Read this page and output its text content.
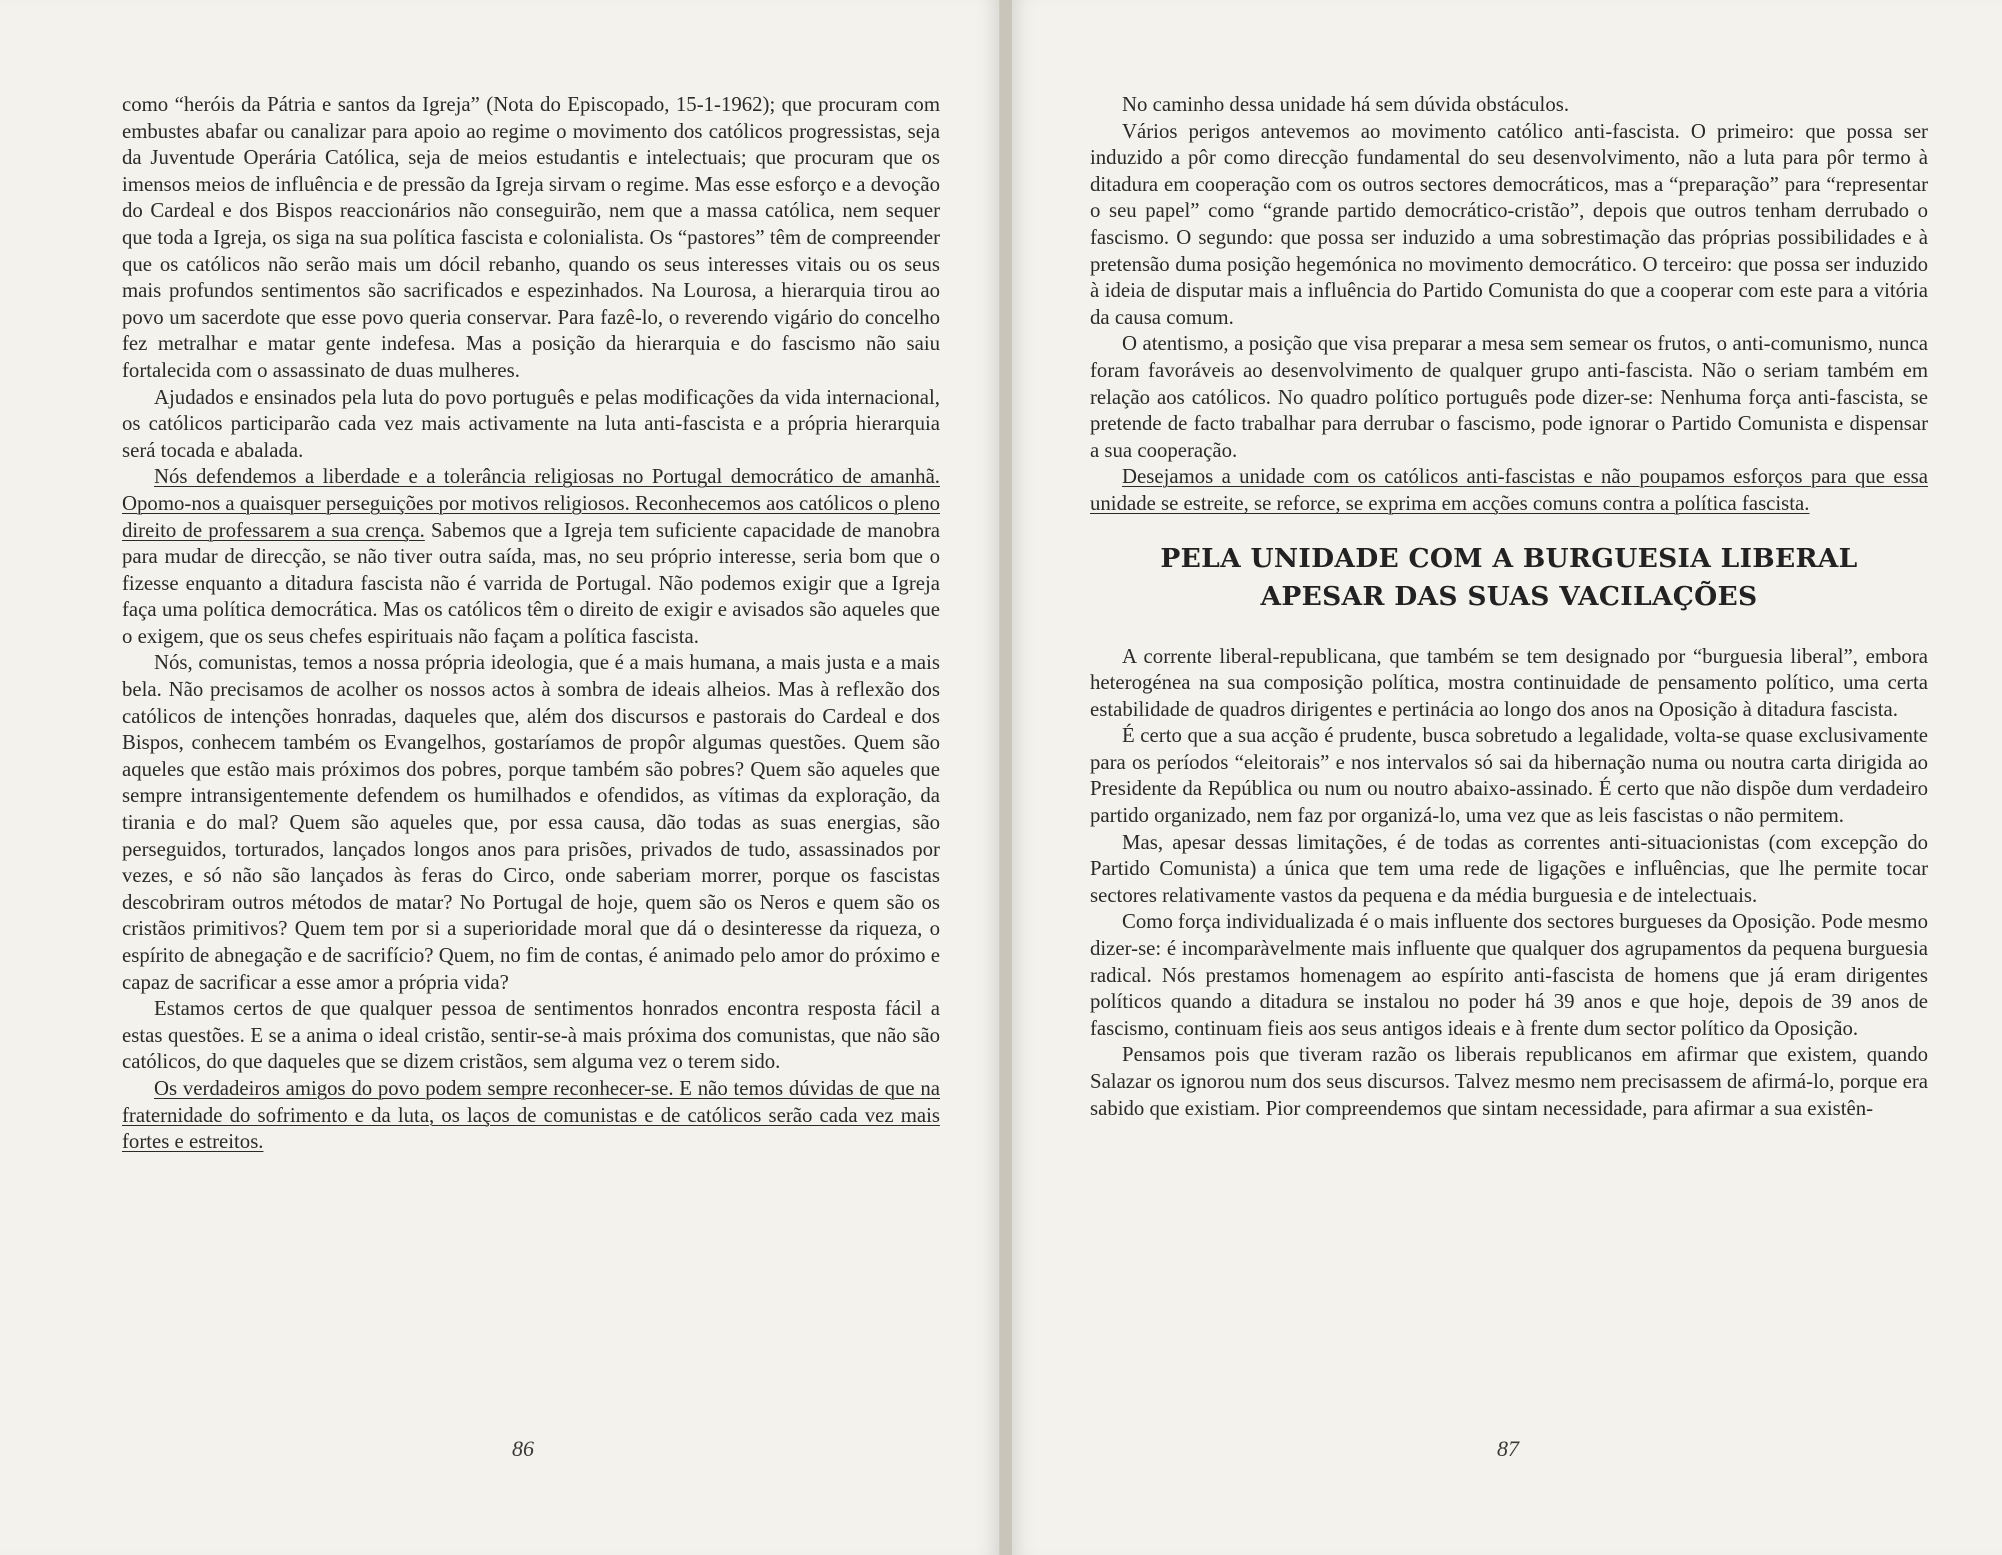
como “heróis da Pátria e santos da Igreja” (Nota do Episcopado, 15-1-1962); que procuram com embustes abafar ou canalizar para apoio ao regime o movimento dos católicos progressistas, seja da Juventude Operária Católica, seja de meios estudantis e intelectuais; que procuram que os imensos meios de influência e de pressão da Igreja sirvam o regime. Mas esse esforço e a devoção do Cardeal e dos Bispos reaccionários não conseguirão, nem que a massa católica, nem sequer que toda a Igreja, os siga na sua política fascista e colonialista. Os “pastores” têm de compreender que os católicos não serão mais um dócil rebanho, quando os seus interesses vitais ou os seus mais profundos sentimentos são sacrificados e espezinhados. Na Lourosa, a hierarquia tirou ao povo um sacerdote que esse povo queria conservar. Para fazê-lo, o reverendo vigário do concelho fez metralhar e matar gente indefesa. Mas a posição da hierarquia e do fascismo não saiu fortalecida com o assassinato de duas mulheres.

Ajudados e ensinados pela luta do povo português e pelas modificações da vida internacional, os católicos participarão cada vez mais activamente na luta anti-fascista e a própria hierarquia será tocada e abalada.

Nós defendemos a liberdade e a tolerância religiosas no Portugal democrático de amanhã. Opomo-nos a quaisquer perseguições por motivos religiosos. Reconhecemos aos católicos o pleno direito de professarem a sua crença. Sabemos que a Igreja tem suficiente capacidade de manobra para mudar de direcção, se não tiver outra saída, mas, no seu próprio interesse, seria bom que o fizesse enquanto a ditadura fascista não é varrida de Portugal. Não podemos exigir que a Igreja faça uma política democrática. Mas os católicos têm o direito de exigir e avisados são aqueles que o exigem, que os seus chefes espirituais não façam a política fascista.

Nós, comunistas, temos a nossa própria ideologia, que é a mais humana, a mais justa e a mais bela. Não precisamos de acolher os nossos actos à sombra de ideais alheios. Mas à reflexão dos católicos de intenções honradas, daqueles que, além dos discursos e pastorais do Cardeal e dos Bispos, conhecem também os Evangelhos, gostaríamos de propôr algumas questões. Quem são aqueles que estão mais próximos dos pobres, porque também são pobres? Quem são aqueles que sempre intransigentemente defendem os humilhados e ofendidos, as vítimas da exploração, da tirania e do mal? Quem são aqueles que, por essa causa, dão todas as suas energias, são perseguidos, torturados, lançados longos anos para prisões, privados de tudo, assassinados por vezes, e só não são lançados às feras do Circo, onde saberiam morrer, porque os fascistas descobriram outros métodos de matar? No Portugal de hoje, quem são os Neros e quem são os cristãos primitivos? Quem tem por si a superioridade moral que dá o desinteresse da riqueza, o espírito de abnegação e de sacrifício? Quem, no fim de contas, é animado pelo amor do próximo e capaz de sacrificar a esse amor a própria vida?

Estamos certos de que qualquer pessoa de sentimentos honrados encontra resposta fácil a estas questões. E se a anima o ideal cristão, sentir-se-à mais próxima dos comunistas, que não são católicos, do que daqueles que se dizem cristãos, sem alguma vez o terem sido.

Os verdadeiros amigos do povo podem sempre reconhecer-se. E não temos dúvidas de que na fraternidade do sofrimento e da luta, os laços de comunistas e de católicos serão cada vez mais fortes e estreitos.

86

No caminho dessa unidade há sem dúvida obstáculos.

Vários perigos antevemos ao movimento católico anti-fascista. O primeiro: que possa ser induzido a pôr como direcção fundamental do seu desenvolvimento, não a luta para pôr termo à ditadura em cooperação com os outros sectores democráticos, mas a “preparação” para “representar o seu papel” como “grande partido democrático-cristão”, depois que outros tenham derrubado o fascismo. O segundo: que possa ser induzido a uma sobrestimação das próprias possibilidades e à pretensão duma posição hegemónica no movimento democrático. O terceiro: que possa ser induzido à ideia de disputar mais a influência do Partido Comunista do que a cooperar com este para a vitória da causa comum.

O atentismo, a posição que visa preparar a mesa sem semear os frutos, o anti-comunismo, nunca foram favoráveis ao desenvolvimento de qualquer grupo anti-fascista. Não o seriam também em relação aos católicos. No quadro político português pode dizer-se: Nenhuma força anti-fascista, se pretende de facto trabalhar para derrubar o fascismo, pode ignorar o Partido Comunista e dispensar a sua cooperação.

Desejamos a unidade com os católicos anti-fascistas e não poupamos esforços para que essa unidade se estreite, se reforce, se exprima em acções comuns contra a política fascista.

PELA UNIDADE COM A BURGUESIA LIBERAL
APESAR DAS SUAS VACILAÇÕES

A corrente liberal-republicana, que também se tem designado por “burguesia liberal”, embora heterogénea na sua composição política, mostra continuidade de pensamento político, uma certa estabilidade de quadros dirigentes e pertinácia ao longo dos anos na Oposição à ditadura fascista.

É certo que a sua acção é prudente, busca sobretudo a legalidade, volta-se quase exclusivamente para os períodos “eleitorais” e nos intervalos só sai da hibernação numa ou noutra carta dirigida ao Presidente da República ou num ou noutro abaixo-assinado. É certo que não dispõe dum verdadeiro partido organizado, nem faz por organizá-lo, uma vez que as leis fascistas o não permitem.

Mas, apesar dessas limitações, é de todas as correntes anti-situacionistas (com excepção do Partido Comunista) a única que tem uma rede de ligações e influências, que lhe permite tocar sectores relativamente vastos da pequena e da média burguesia e de intelectuais.

Como força individualizada é o mais influente dos sectores burgueses da Oposição. Pode mesmo dizer-se: é incomparàvelmente mais influente que qualquer dos agrupamentos da pequena burguesia radical. Nós prestamos homenagem ao espírito anti-fascista de homens que já eram dirigentes políticos quando a ditadura se instalou no poder há 39 anos e que hoje, depois de 39 anos de fascismo, continuam fieis aos seus antigos ideais e à frente dum sector político da Oposição.

Pensamos pois que tiveram razão os liberais republicanos em afirmar que existem, quando Salazar os ignorou num dos seus discursos. Talvez mesmo nem precisassem de afirmá-lo, porque era sabido que existiam. Pior compreendemos que sintam necessidade, para afirmar a sua existên-

87
